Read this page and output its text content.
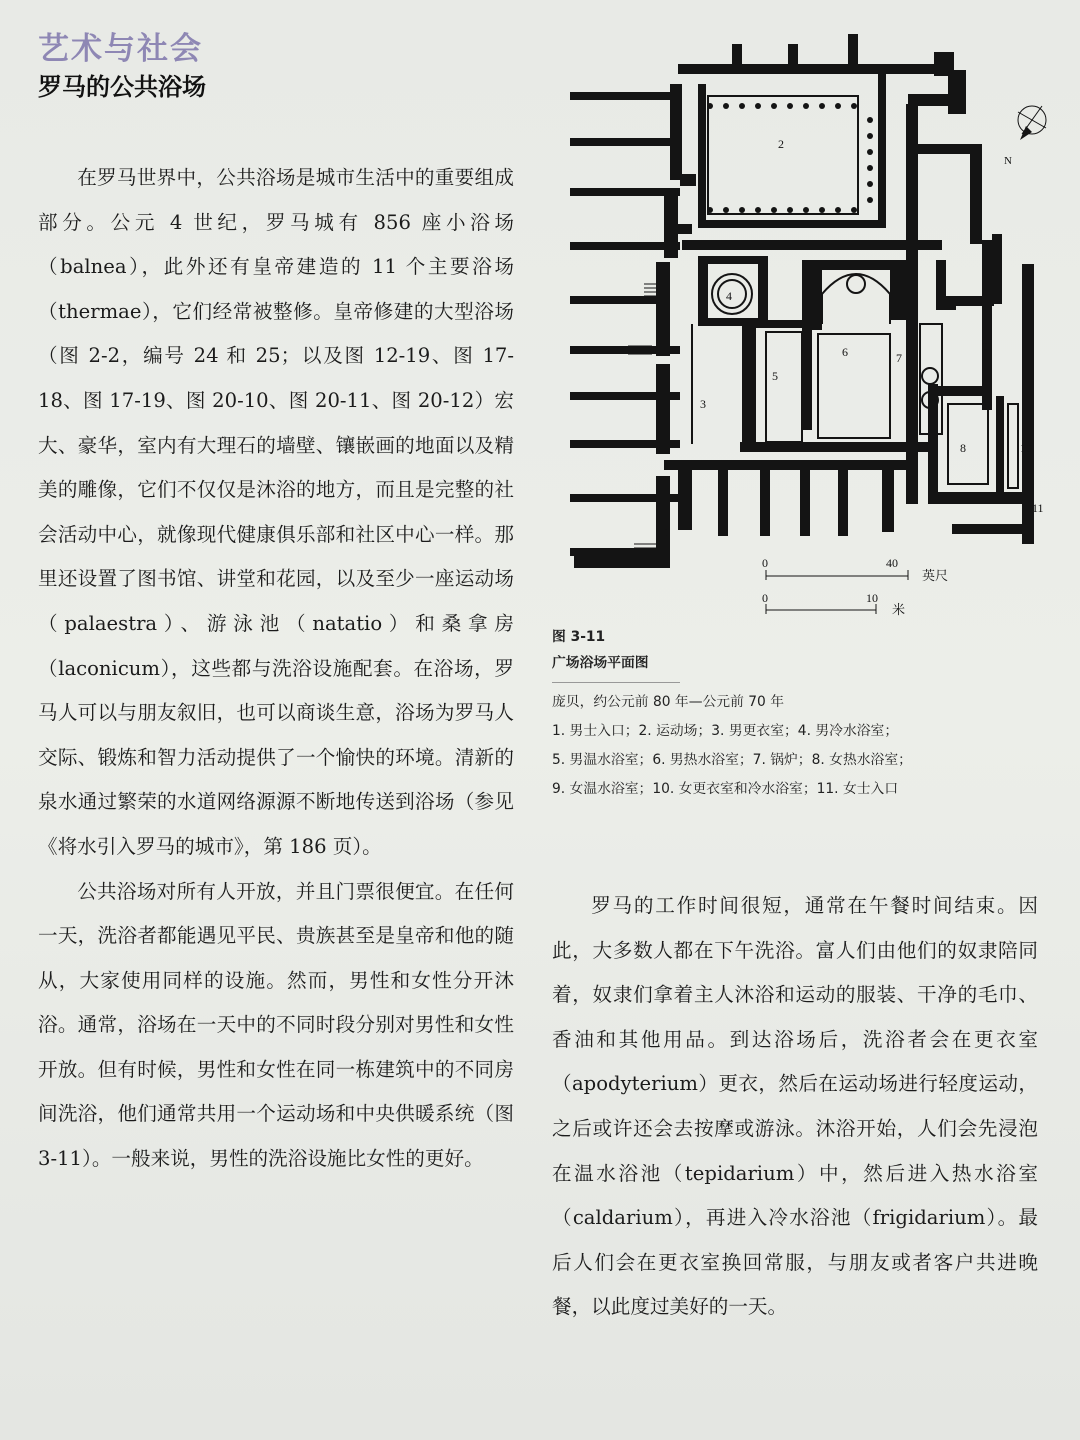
艺术与社会
罗马的公共浴场

在罗马世界中，公共浴场是城市生活中的重要组成部分。公元 4 世纪，罗马城有 856 座小浴场（balnea），此外还有皇帝建造的 11 个主要浴场（thermae），它们经常被整修。皇帝修建的大型浴场（图 2-2，编号 24 和 25；以及图 12-19、图 17-18、图 17-19、图 20-10、图 20-11、图 20-12）宏大、豪华，室内有大理石的墙壁、镶嵌画的地面以及精美的雕像，它们不仅仅是沐浴的地方，而且是完整的社会活动中心，就像现代健康俱乐部和社区中心一样。那里还设置了图书馆、讲堂和花园，以及至少一座运动场（palaestra）、游泳池（natatio）和桑拿房（laconicum），这些都与洗浴设施配套。在浴场，罗马人可以与朋友叙旧，也可以商谈生意，浴场为罗马人交际、锻炼和智力活动提供了一个愉快的环境。清新的泉水通过繁荣的水道网络源源不断地传送到浴场（参见《将水引入罗马的城市》，第 186 页）。

公共浴场对所有人开放，并且门票很便宜。在任何一天，洗浴者都能遇见平民、贵族甚至是皇帝和他的随从，大家使用同样的设施。然而，男性和女性分开沐浴。通常，浴场在一天中的不同时段分别对男性和女性开放。但有时候，男性和女性在同一栋建筑中的不同房间洗浴，他们通常共用一个运动场和中央供暖系统（图 3-11）。一般来说，男性的洗浴设施比女性的更好。

1
2
3
4
5
6	7
8
9
10
11
N
0	40
0	10
英尺
米
图 3-11
广场浴场平面图
庞贝，约公元前 80 年—公元前 70 年
1. 男士入口；2. 运动场；3. 男更衣室；4. 男冷水浴室；
5. 男温水浴室；6. 男热水浴室；7. 锅炉；8. 女热水浴室；
9. 女温水浴室；10. 女更衣室和冷水浴室；11. 女士入口

罗马的工作时间很短，通常在午餐时间结束。因此，大多数人都在下午洗浴。富人们由他们的奴隶陪同着，奴隶们拿着主人沐浴和运动的服装、干净的毛巾、香油和其他用品。到达浴场后，洗浴者会在更衣室（apodyterium）更衣，然后在运动场进行轻度运动，之后或许还会去按摩或游泳。沐浴开始，人们会先浸泡在温水浴池（tepidarium）中，然后进入热水浴室（caldarium），再进入冷水浴池（frigidarium）。最后人们会在更衣室换回常服，与朋友或者客户共进晚餐，以此度过美好的一天。
